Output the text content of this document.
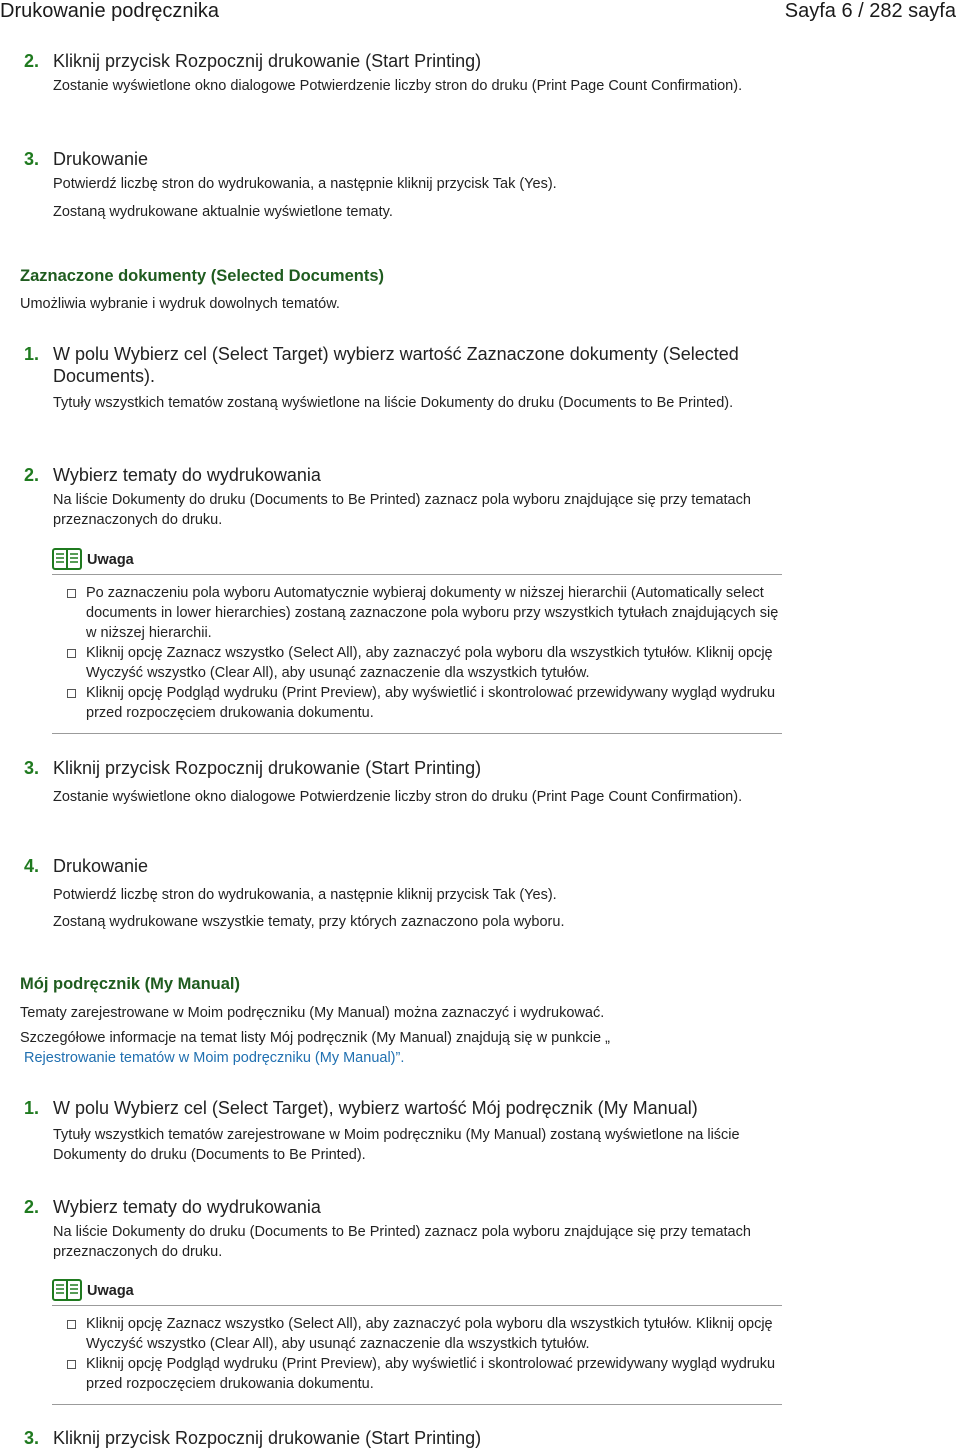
Drukowanie podręcznika	Sayfa 6 / 282 sayfa
2. Kliknij przycisk Rozpocznij drukowanie (Start Printing)

Zostanie wyświetlone okno dialogowe Potwierdzenie liczby stron do druku (Print Page Count Confirmation).

3. Drukowanie

Potwierdź liczbę stron do wydrukowania, a następnie kliknij przycisk Tak (Yes).

Zostaną wydrukowane aktualnie wyświetlone tematy.

Zaznaczone dokumenty (Selected Documents)
Umożliwia wybranie i wydruk dowolnych tematów.
1. W polu Wybierz cel (Select Target) wybierz wartość Zaznaczone dokumenty (Selected Documents).

Tytuły wszystkich tematów zostaną wyświetlone na liście Dokumenty do druku (Documents to Be Printed).

2. Wybierz tematy do wydrukowania

Na liście Dokumenty do druku (Documents to Be Printed) zaznacz pola wyboru znajdujące się przy tematach przeznaczonych do druku.

Uwaga
Po zaznaczeniu pola wyboru Automatycznie wybieraj dokumenty w niższej hierarchii (Automatically select documents in lower hierarchies) zostaną zaznaczone pola wyboru przy wszystkich tytułach znajdujących się w niższej hierarchii.
Kliknij opcję Zaznacz wszystko (Select All), aby zaznaczyć pola wyboru dla wszystkich tytułów. Kliknij opcję Wyczyść wszystko (Clear All), aby usunąć zaznaczenie dla wszystkich tytułów.
Kliknij opcję Podgląd wydruku (Print Preview), aby wyświetlić i skontrolować przewidywany wygląd wydruku przed rozpoczęciem drukowania dokumentu.
3. Kliknij przycisk Rozpocznij drukowanie (Start Printing)

Zostanie wyświetlone okno dialogowe Potwierdzenie liczby stron do druku (Print Page Count Confirmation).

4. Drukowanie

Potwierdź liczbę stron do wydrukowania, a następnie kliknij przycisk Tak (Yes).

Zostaną wydrukowane wszystkie tematy, przy których zaznaczono pola wyboru.

Mój podręcznik (My Manual)
Tematy zarejestrowane w Moim podręczniku (My Manual) można zaznaczyć i wydrukować.
Szczegółowe informacje na temat listy Mój podręcznik (My Manual) znajdują się w punkcie „
Rejestrowanie tematów w Moim podręczniku (My Manual)”.
1. W polu Wybierz cel (Select Target), wybierz wartość Mój podręcznik (My Manual)

Tytuły wszystkich tematów zarejestrowane w Moim podręczniku (My Manual) zostaną wyświetlone na liście Dokumenty do druku (Documents to Be Printed).

2. Wybierz tematy do wydrukowania

Na liście Dokumenty do druku (Documents to Be Printed) zaznacz pola wyboru znajdujące się przy tematach przeznaczonych do druku.

Uwaga
Kliknij opcję Zaznacz wszystko (Select All), aby zaznaczyć pola wyboru dla wszystkich tytułów. Kliknij opcję Wyczyść wszystko (Clear All), aby usunąć zaznaczenie dla wszystkich tytułów.
Kliknij opcję Podgląd wydruku (Print Preview), aby wyświetlić i skontrolować przewidywany wygląd wydruku przed rozpoczęciem drukowania dokumentu.
3. Kliknij przycisk Rozpocznij drukowanie (Start Printing)
